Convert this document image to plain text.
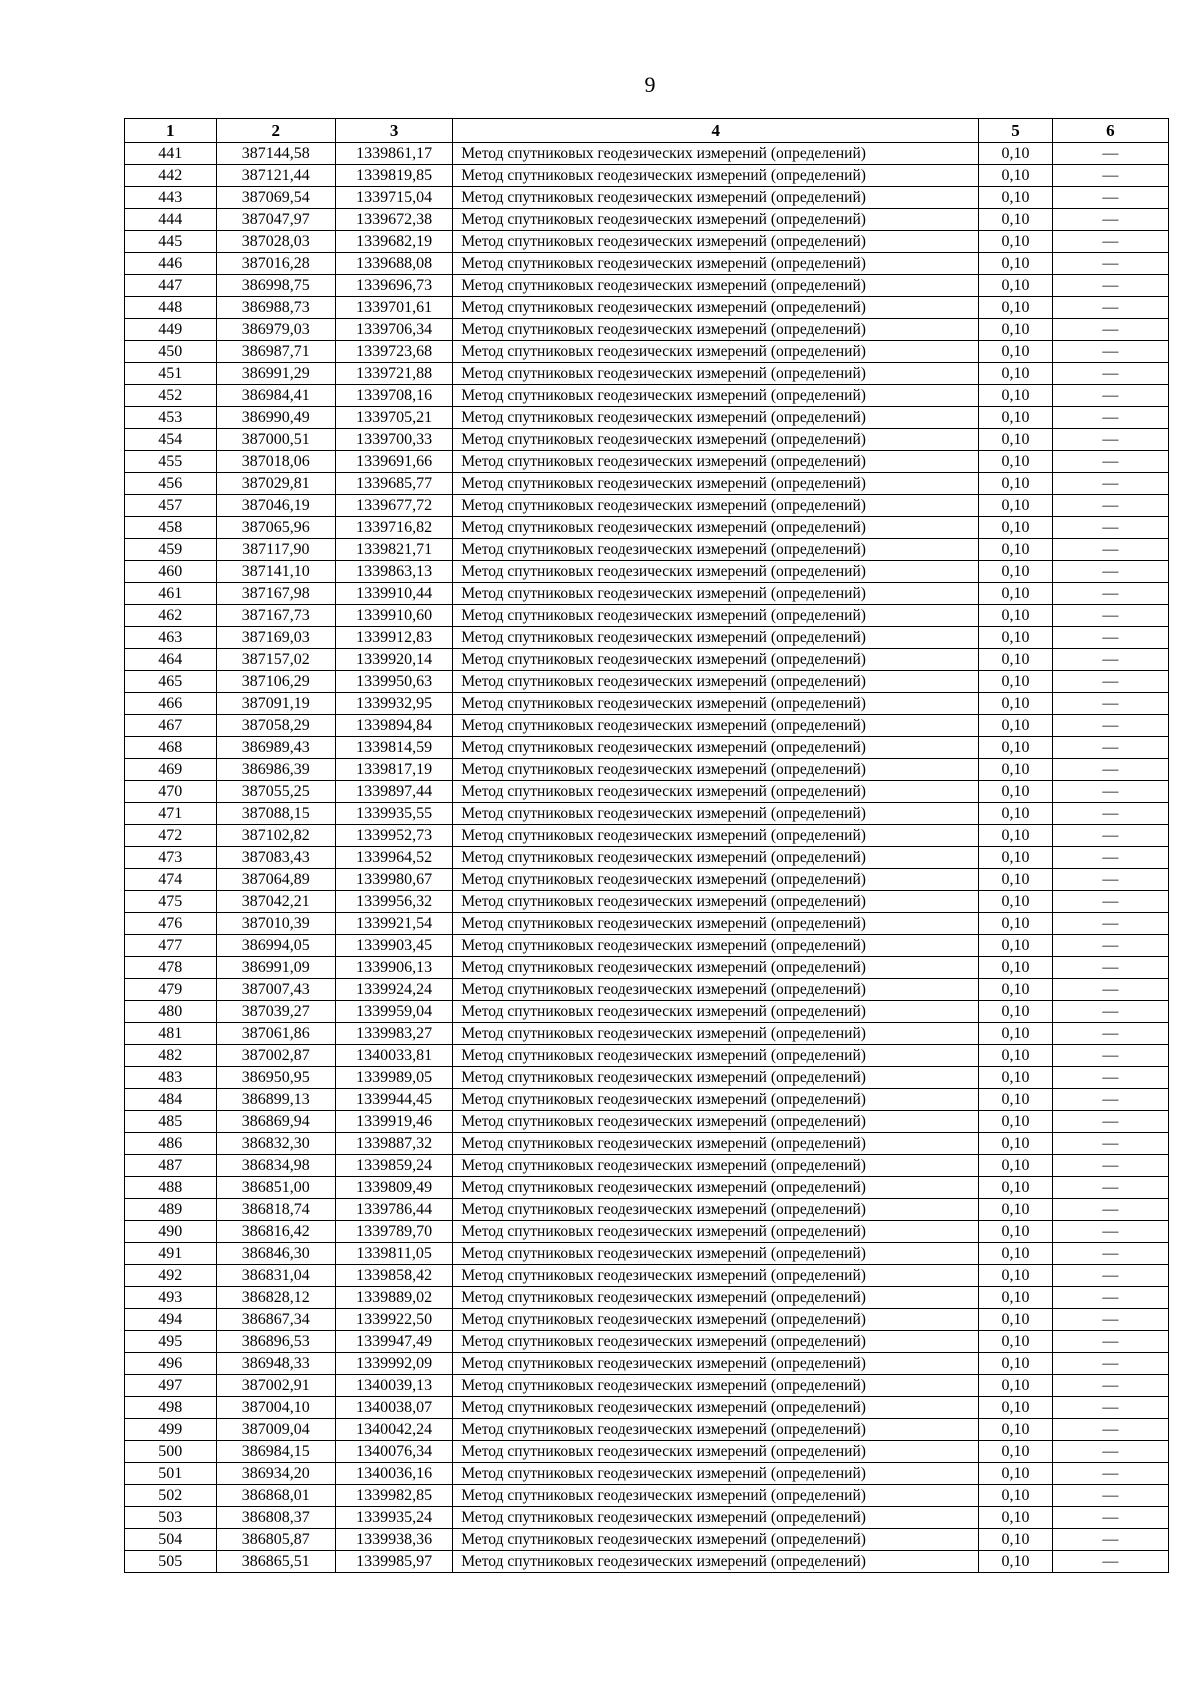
9
1	2	3	4	5	6
441	387144,58	1339861,17	Метод спутниковых геодезических измерений (определений)	0,10	—
442	387121,44	1339819,85	Метод спутниковых геодезических измерений (определений)	0,10	—
443	387069,54	1339715,04	Метод спутниковых геодезических измерений (определений)	0,10	—
444	387047,97	1339672,38	Метод спутниковых геодезических измерений (определений)	0,10	—
445	387028,03	1339682,19	Метод спутниковых геодезических измерений (определений)	0,10	—
446	387016,28	1339688,08	Метод спутниковых геодезических измерений (определений)	0,10	—
447	386998,75	1339696,73	Метод спутниковых геодезических измерений (определений)	0,10	—
448	386988,73	1339701,61	Метод спутниковых геодезических измерений (определений)	0,10	—
449	386979,03	1339706,34	Метод спутниковых геодезических измерений (определений)	0,10	—
450	386987,71	1339723,68	Метод спутниковых геодезических измерений (определений)	0,10	—
451	386991,29	1339721,88	Метод спутниковых геодезических измерений (определений)	0,10	—
452	386984,41	1339708,16	Метод спутниковых геодезических измерений (определений)	0,10	—
453	386990,49	1339705,21	Метод спутниковых геодезических измерений (определений)	0,10	—
454	387000,51	1339700,33	Метод спутниковых геодезических измерений (определений)	0,10	—
455	387018,06	1339691,66	Метод спутниковых геодезических измерений (определений)	0,10	—
456	387029,81	1339685,77	Метод спутниковых геодезических измерений (определений)	0,10	—
457	387046,19	1339677,72	Метод спутниковых геодезических измерений (определений)	0,10	—
458	387065,96	1339716,82	Метод спутниковых геодезических измерений (определений)	0,10	—
459	387117,90	1339821,71	Метод спутниковых геодезических измерений (определений)	0,10	—
460	387141,10	1339863,13	Метод спутниковых геодезических измерений (определений)	0,10	—
461	387167,98	1339910,44	Метод спутниковых геодезических измерений (определений)	0,10	—
462	387167,73	1339910,60	Метод спутниковых геодезических измерений (определений)	0,10	—
463	387169,03	1339912,83	Метод спутниковых геодезических измерений (определений)	0,10	—
464	387157,02	1339920,14	Метод спутниковых геодезических измерений (определений)	0,10	—
465	387106,29	1339950,63	Метод спутниковых геодезических измерений (определений)	0,10	—
466	387091,19	1339932,95	Метод спутниковых геодезических измерений (определений)	0,10	—
467	387058,29	1339894,84	Метод спутниковых геодезических измерений (определений)	0,10	—
468	386989,43	1339814,59	Метод спутниковых геодезических измерений (определений)	0,10	—
469	386986,39	1339817,19	Метод спутниковых геодезических измерений (определений)	0,10	—
470	387055,25	1339897,44	Метод спутниковых геодезических измерений (определений)	0,10	—
471	387088,15	1339935,55	Метод спутниковых геодезических измерений (определений)	0,10	—
472	387102,82	1339952,73	Метод спутниковых геодезических измерений (определений)	0,10	—
473	387083,43	1339964,52	Метод спутниковых геодезических измерений (определений)	0,10	—
474	387064,89	1339980,67	Метод спутниковых геодезических измерений (определений)	0,10	—
475	387042,21	1339956,32	Метод спутниковых геодезических измерений (определений)	0,10	—
476	387010,39	1339921,54	Метод спутниковых геодезических измерений (определений)	0,10	—
477	386994,05	1339903,45	Метод спутниковых геодезических измерений (определений)	0,10	—
478	386991,09	1339906,13	Метод спутниковых геодезических измерений (определений)	0,10	—
479	387007,43	1339924,24	Метод спутниковых геодезических измерений (определений)	0,10	—
480	387039,27	1339959,04	Метод спутниковых геодезических измерений (определений)	0,10	—
481	387061,86	1339983,27	Метод спутниковых геодезических измерений (определений)	0,10	—
482	387002,87	1340033,81	Метод спутниковых геодезических измерений (определений)	0,10	—
483	386950,95	1339989,05	Метод спутниковых геодезических измерений (определений)	0,10	—
484	386899,13	1339944,45	Метод спутниковых геодезических измерений (определений)	0,10	—
485	386869,94	1339919,46	Метод спутниковых геодезических измерений (определений)	0,10	—
486	386832,30	1339887,32	Метод спутниковых геодезических измерений (определений)	0,10	—
487	386834,98	1339859,24	Метод спутниковых геодезических измерений (определений)	0,10	—
488	386851,00	1339809,49	Метод спутниковых геодезических измерений (определений)	0,10	—
489	386818,74	1339786,44	Метод спутниковых геодезических измерений (определений)	0,10	—
490	386816,42	1339789,70	Метод спутниковых геодезических измерений (определений)	0,10	—
491	386846,30	1339811,05	Метод спутниковых геодезических измерений (определений)	0,10	—
492	386831,04	1339858,42	Метод спутниковых геодезических измерений (определений)	0,10	—
493	386828,12	1339889,02	Метод спутниковых геодезических измерений (определений)	0,10	—
494	386867,34	1339922,50	Метод спутниковых геодезических измерений (определений)	0,10	—
495	386896,53	1339947,49	Метод спутниковых геодезических измерений (определений)	0,10	—
496	386948,33	1339992,09	Метод спутниковых геодезических измерений (определений)	0,10	—
497	387002,91	1340039,13	Метод спутниковых геодезических измерений (определений)	0,10	—
498	387004,10	1340038,07	Метод спутниковых геодезических измерений (определений)	0,10	—
499	387009,04	1340042,24	Метод спутниковых геодезических измерений (определений)	0,10	—
500	386984,15	1340076,34	Метод спутниковых геодезических измерений (определений)	0,10	—
501	386934,20	1340036,16	Метод спутниковых геодезических измерений (определений)	0,10	—
502	386868,01	1339982,85	Метод спутниковых геодезических измерений (определений)	0,10	—
503	386808,37	1339935,24	Метод спутниковых геодезических измерений (определений)	0,10	—
504	386805,87	1339938,36	Метод спутниковых геодезических измерений (определений)	0,10	—
505	386865,51	1339985,97	Метод спутниковых геодезических измерений (определений)	0,10	—
